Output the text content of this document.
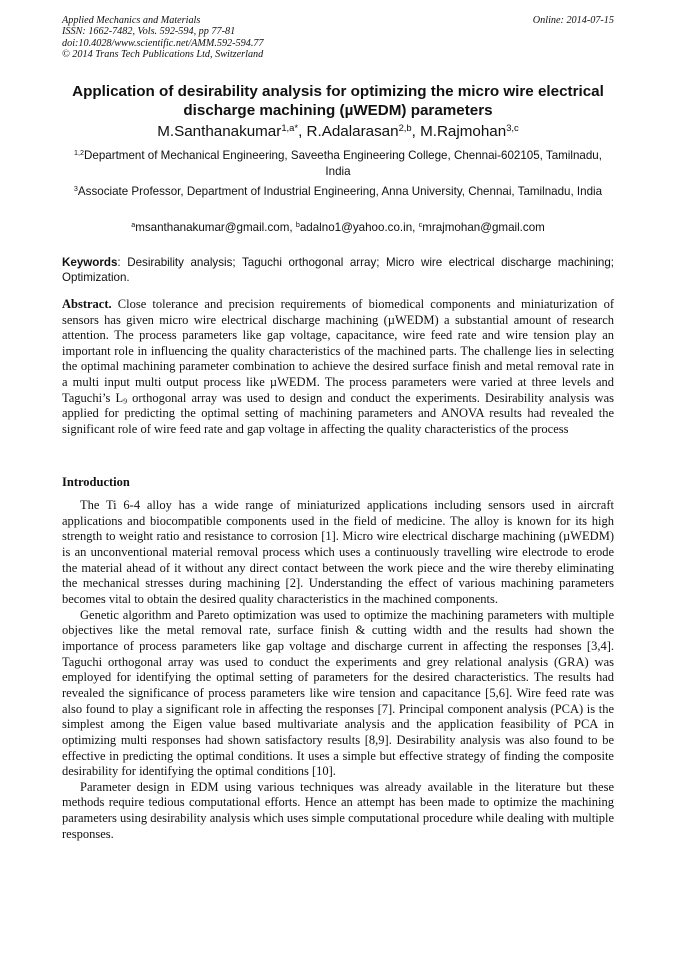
Applied Mechanics and Materials
ISSN: 1662-7482, Vols. 592-594, pp 77-81
doi:10.4028/www.scientific.net/AMM.592-594.77
© 2014 Trans Tech Publications Ltd, Switzerland
Online: 2014-07-15
Application of desirability analysis for optimizing the micro wire electrical discharge machining (µWEDM) parameters
M.Santhanakumar$^{1,a*}$, R.Adalarasan$^{2,b}$, M.Rajmohan$^{3,c}$
$^{1,2}$Department of Mechanical Engineering, Saveetha Engineering College, Chennai-602105, Tamilnadu, India
$^3$Associate Professor, Department of Industrial Engineering, Anna University, Chennai, Tamilnadu, India
$^a$msanthanakumar@gmail.com, $^b$adalno1@yahoo.co.in, $^c$mrajmohan@gmail.com
Keywords: Desirability analysis; Taguchi orthogonal array; Micro wire electrical discharge machining; Optimization.
Abstract. Close tolerance and precision requirements of biomedical components and miniaturization of sensors has given micro wire electrical discharge machining (µWEDM) a substantial amount of research attention. The process parameters like gap voltage, capacitance, wire feed rate and wire tension play an important role in influencing the quality characteristics of the machined parts. The challenge lies in selecting the optimal machining parameter combination to achieve the desired surface finish and metal removal rate in a multi input multi output process like µWEDM. The process parameters were varied at three levels and Taguchi’s $L_9$ orthogonal array was used to design and conduct the experiments. Desirability analysis was applied for predicting the optimal setting of machining parameters and ANOVA results had revealed the significant role of wire feed rate and gap voltage in affecting the quality characteristics of the process
Introduction

The Ti 6-4 alloy has a wide range of miniaturized applications including sensors used in aircraft applications and biocompatible components used in the field of medicine. The alloy is known for its high strength to weight ratio and resistance to corrosion [1]. Micro wire electrical discharge machining (µWEDM) is an unconventional material removal process which uses a continuously travelling wire electrode to erode the material ahead of it without any direct contact between the work piece and the wire thereby eliminating the mechanical stresses during machining [2]. Understanding the effect of various machining parameters becomes vital to obtain the desired quality characteristics in the machined components.

Genetic algorithm and Pareto optimization was used to optimize the machining parameters with multiple objectives like the metal removal rate, surface finish & cutting width and the results had shown the importance of process parameters like gap voltage and discharge current in affecting the responses [3,4]. Taguchi orthogonal array was used to conduct the experiments and grey relational analysis (GRA) was employed for identifying the optimal setting of parameters for the desired characteristics. The results had revealed the significance of process parameters like wire tension and capacitance [5,6]. Wire feed rate was also found to play a significant role in affecting the responses [7]. Principal component analysis (PCA) is the simplest among the Eigen value based multivariate analysis and the application feasibility of PCA in optimizing multi responses had shown satisfactory results [8,9]. Desirability analysis was also found to be effective in predicting the optimal conditions. It uses a simple but effective strategy of finding the composite desirability for identifying the optimal conditions [10].

Parameter design in EDM using various techniques was already available in the literature but these methods require tedious computational efforts. Hence an attempt has been made to optimize the machining parameters using desirability analysis which uses simple computational procedure while dealing with multiple responses.
